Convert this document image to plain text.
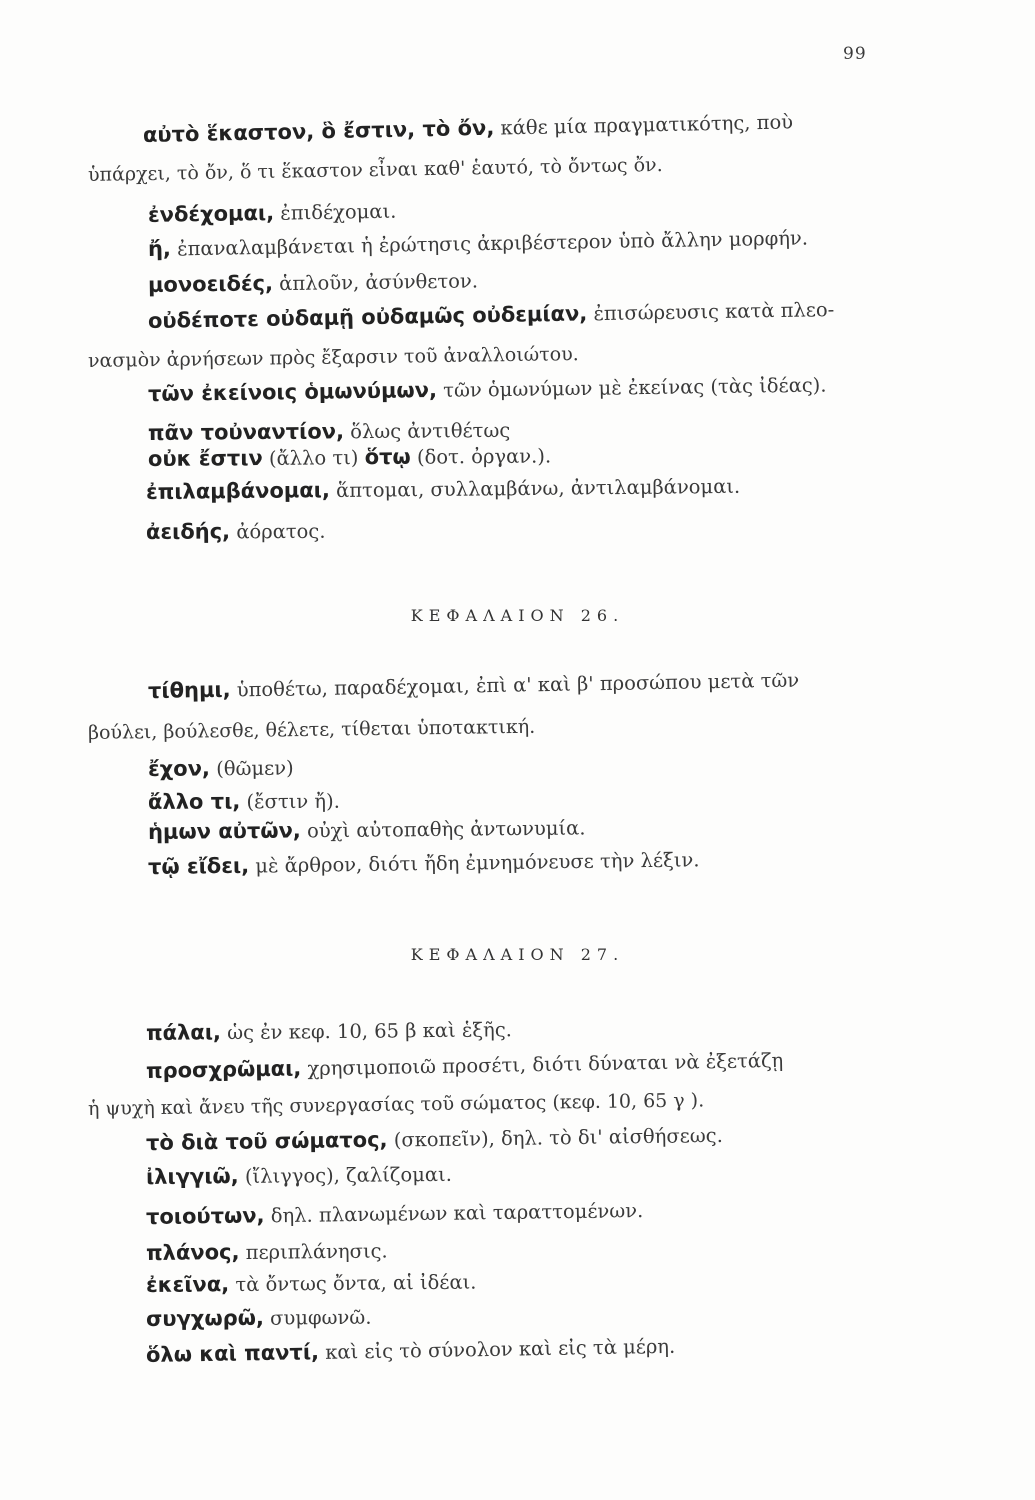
99
αὐτὸ ἕκαστον, ὃ ἔστιν, τὸ ὄν, κάθε μία πραγματικότης, ποὺ
ὑπάρχει, τὸ ὄν, ὅ τι ἕκαστον εἶναι καθ' ἑαυτό, τὸ ὄντως ὄν.
ἐνδέχομαι, ἐπιδέχομαι.
ἤ, ἐπαναλαμβάνεται ἡ ἐρώτησις ἀκριβέστερον ὑπὸ ἄλλην μορφήν.
μονοειδές, ἁπλοῦν, ἀσύνθετον.
οὐδέποτε οὐδαμῇ οὐδαμῶς οὐδεμίαν, ἐπισώρευσις κατὰ πλεο-
νασμὸν ἀρνήσεων πρὸς ἔξαρσιν τοῦ ἀναλλοιώτου.
τῶν ἐκείνοις ὁμωνύμων, τῶν ὁμωνύμων μὲ ἐκείνας (τὰς ἰδέας).
πᾶν τοὐναντίον, ὅλως ἀντιθέτως
οὐκ ἔστιν (ἄλλο τι) ὅτῳ (δοτ. ὀργαν.).
ἐπιλαμβάνομαι, ἅπτομαι, συλλαμβάνω, ἀντιλαμβάνομαι.
ἀειδής, ἀόρατος.
ΚΕΦΑΛΑΙΟΝ 26.
τίθημι, ὑποθέτω, παραδέχομαι, ἐπὶ α' καὶ β' προσώπου μετὰ τῶν
βούλει, βούλεσθε, θέλετε, τίθεται ὑποτακτική.
ἔχον, (θῶμεν)
ἄλλο τι, (ἔστιν ἤ).
ἡμων αὐτῶν, οὐχὶ αὐτοπαθὴς ἀντωνυμία.
τῷ εἴδει, μὲ ἄρθρον, διότι ἤδη ἐμνημόνευσε τὴν λέξιν.
ΚΕΦΑΛΑΙΟΝ 27.
πάλαι, ὡς ἐν κεφ. 10, 65 β καὶ ἑξῆς.
προσχρῶμαι, χρησιμοποιῶ προσέτι, διότι δύναται νὰ ἐξετάζῃ
ἡ ψυχὴ καὶ ἄνευ τῆς συνεργασίας τοῦ σώματος (κεφ. 10, 65 γ ).
τὸ διὰ τοῦ σώματος, (σκοπεῖν), δηλ. τὸ δι' αἰσθήσεως.
ἰλιγγιῶ, (ἴλιγγος), ζαλίζομαι.
τοιούτων, δηλ. πλανωμένων καὶ ταραττομένων.
πλάνος, περιπλάνησις.
ἐκεῖνα, τὰ ὄντως ὄντα, αἱ ἰδέαι.
συγχωρῶ, συμφωνῶ.
ὅλω καὶ παντί, καὶ εἰς τὸ σύνολον καὶ εἰς τὰ μέρη.
